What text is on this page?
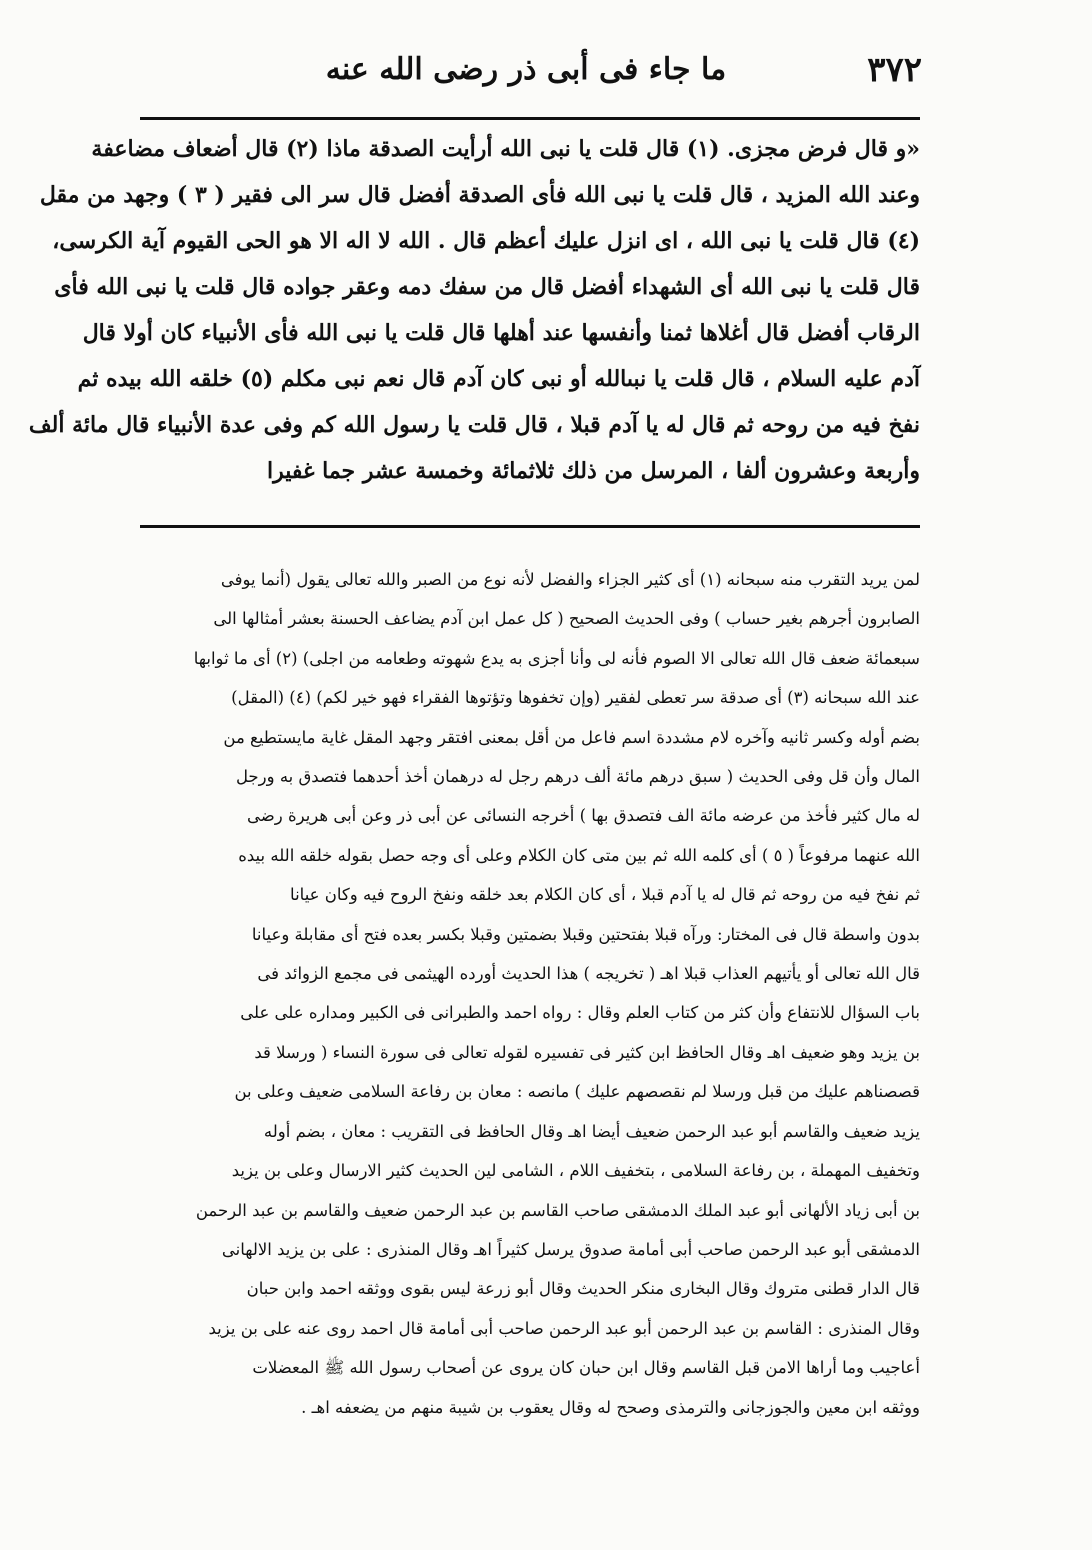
٣٧٢
ما جاء فى أبى ذر رضى الله عنه
«و قال فرض مجزى. (١) قال قلت يا نبى الله أرأيت الصدقة ماذا (٢) قال أضعاف مضاعفة
وعند الله المزيد ، قال قلت يا نبى الله فأى الصدقة أفضل قال سر الى فقير ( ٣ ) وجهد من مقل
(٤) قال قلت يا نبى الله ، اى انزل عليك أعظم قال . الله لا اله الا هو الحى القيوم آية الكرسى،
قال قلت يا نبى الله أى الشهداء أفضل قال من سفك دمه وعقر جواده قال قلت يا نبى الله فأى
الرقاب أفضل قال أغلاها ثمنا وأنفسها عند أهلها قال قلت يا نبى الله فأى الأنبياء كان أولا قال
آدم عليه السلام ، قال قلت يا نبىالله أو نبى كان آدم قال نعم نبى مكلم (٥) خلقه الله بيده ثم
نفخ فيه من روحه ثم قال له يا آدم قبلا ، قال قلت يا رسول الله كم وفى عدة الأنبياء قال مائة ألف
وأربعة وعشرون ألفا ، المرسل من ذلك ثلاثمائة وخمسة عشر جما غفيرا
لمن يريد التقرب منه سبحانه (١) أى كثير الجزاء والفضل لأنه نوع من الصبر والله تعالى يقول (أنما يوفى
الصابرون أجرهم بغير حساب ) وفى الحديث الصحيح ( كل عمل ابن آدم يضاعف الحسنة بعشر أمثالها الى
سبعمائة ضعف قال الله تعالى الا الصوم فأنه لى وأنا أجزى به يدع شهوته وطعامه من اجلى) (٢) أى ما ثوابها
عند الله سبحانه (٣) أى صدقة سر تعطى لفقير (وإن تخفوها وتؤتوها الفقراء فهو خير لكم) (٤) (المقل)
بضم أوله وكسر ثانيه وآخره لام مشددة اسم فاعل من أقل بمعنى افتقر وجهد المقل غاية مايستطيع من
المال وأن قل وفى الحديث ( سبق درهم مائة ألف درهم رجل له درهمان أخذ أحدهما فتصدق به ورجل
له مال كثير فأخذ من عرضه مائة الف فتصدق بها ) أخرجه النسائى عن أبى ذر وعن أبى هريرة رضى
الله عنهما مرفوعاً ( ٥ ) أى كلمه الله ثم بين متى كان الكلام وعلى أى وجه حصل بقوله خلقه الله بيده
ثم نفخ فيه من روحه ثم قال له يا آدم قبلا ، أى كان الكلام بعد خلقه ونفخ الروح فيه وكان عيانا
بدون واسطة قال فى المختار: ورآه قبلا بفتحتين وقبلا بضمتين وقبلا بكسر بعده فتح أى مقابلة وعيانا
قال الله تعالى أو يأتيهم العذاب قبلا اهـ ( تخريجه ) هذا الحديث أورده الهيثمى فى مجمع الزوائد فى
باب السؤال للانتفاع وأن كثر من كتاب العلم وقال : رواه احمد والطبرانى فى الكبير ومداره على على
بن يزيد وهو ضعيف اهـ وقال الحافظ ابن كثير فى تفسيره لقوله تعالى فى سورة النساء ( ورسلا قد
قصصناهم عليك من قبل ورسلا لم نقصصهم عليك ) مانصه : معان بن رفاعة السلامى ضعيف وعلى بن
يزيد ضعيف والقاسم أبو عبد الرحمن ضعيف أيضا اهـ وقال الحافظ فى التقريب : معان ، بضم أوله
وتخفيف المهملة ، بن رفاعة السلامى ، بتخفيف اللام ، الشامى لين الحديث كثير الارسال وعلى بن يزيد
بن أبى زياد الألهانى أبو عبد الملك الدمشقى صاحب القاسم بن عبد الرحمن ضعيف والقاسم بن عبد الرحمن
الدمشقى أبو عبد الرحمن صاحب أبى أمامة صدوق يرسل كثيراً اهـ وقال المنذرى : على بن يزيد الالهانى
قال الدار قطنى متروك وقال البخارى منكر الحديث وقال أبو زرعة ليس بقوى ووثقه احمد وابن حبان
وقال المنذرى : القاسم بن عبد الرحمن أبو عبد الرحمن صاحب أبى أمامة قال احمد روى عنه على بن يزيد
أعاجيب وما أراها الامن قبل القاسم وقال ابن حبان كان يروى عن أصحاب رسول الله ﷺ المعضلات
ووثقه ابن معين والجوزجانى والترمذى وصحح له وقال يعقوب بن شيبة منهم من يضعفه اهـ .
